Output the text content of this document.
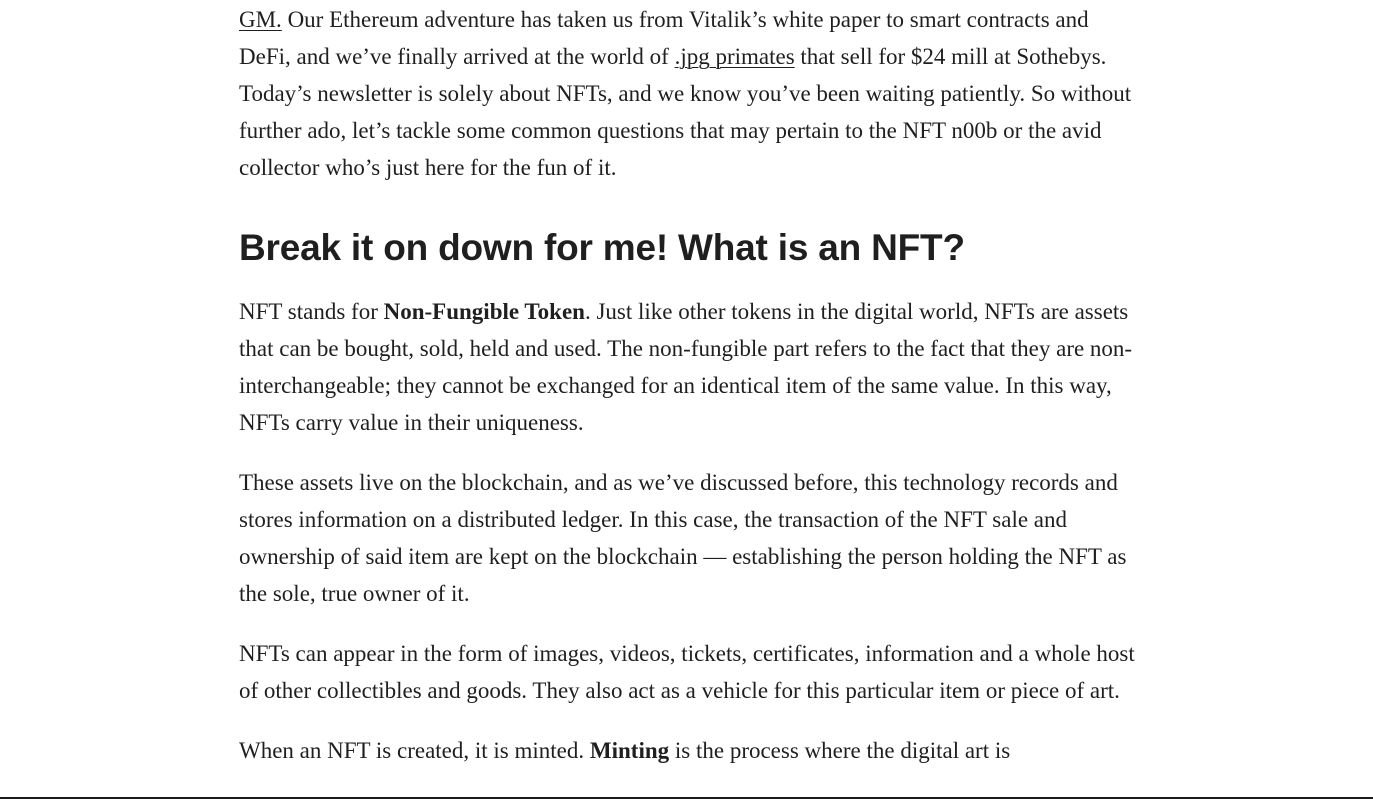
GM. Our Ethereum adventure has taken us from Vitalik’s white paper to smart contracts and DeFi, and we’ve finally arrived at the world of .jpg primates that sell for $24 mill at Sothebys. Today’s newsletter is solely about NFTs, and we know you’ve been waiting patiently. So without further ado, let’s tackle some common questions that may pertain to the NFT n00b or the avid collector who’s just here for the fun of it.

Break it on down for me! What is an NFT?

NFT stands for Non-Fungible Token. Just like other tokens in the digital world, NFTs are assets that can be bought, sold, held and used. The non-fungible part refers to the fact that they are non-interchangeable; they cannot be exchanged for an identical item of the same value. In this way, NFTs carry value in their uniqueness.

These assets live on the blockchain, and as we’ve discussed before, this technology records and stores information on a distributed ledger. In this case, the transaction of the NFT sale and ownership of said item are kept on the blockchain — establishing the person holding the NFT as the sole, true owner of it.

NFTs can appear in the form of images, videos, tickets, certificates, information and a whole host of other collectibles and goods. They also act as a vehicle for this particular item or piece of art.

When an NFT is created, it is minted. Minting is the process where the digital art is
